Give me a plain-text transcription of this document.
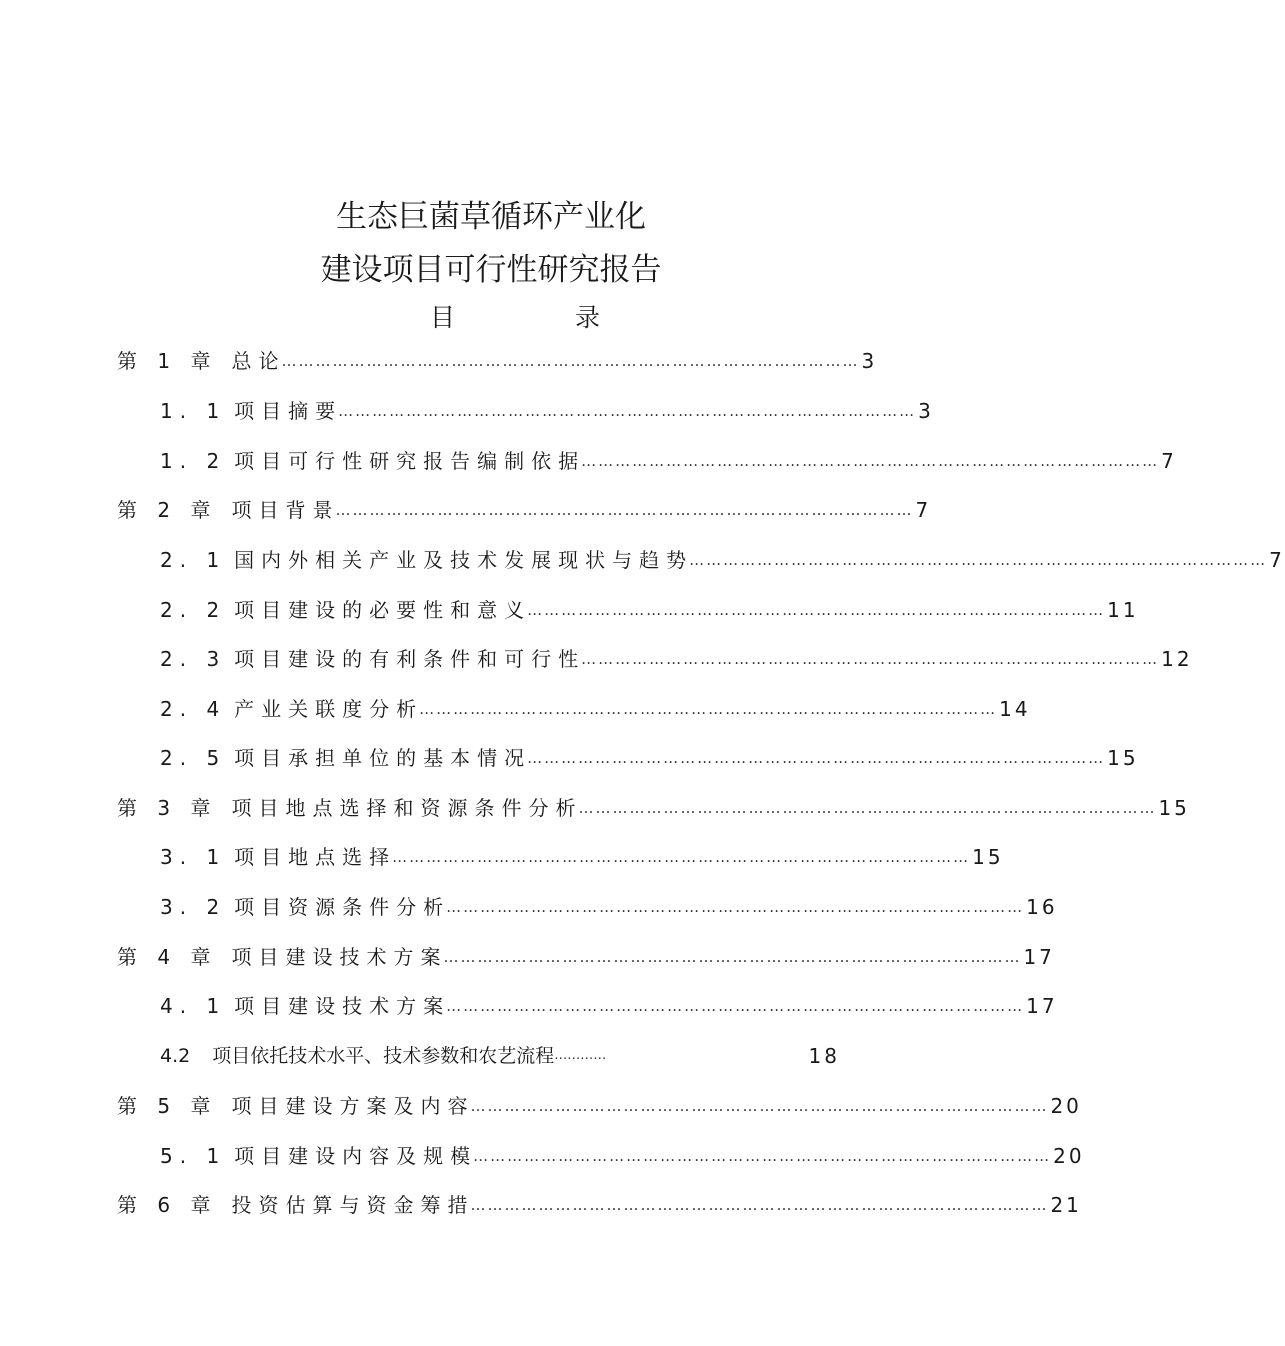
生态巨菌草循环产业化
建设项目可行性研究报告
目	录
第 1 章 总论
………………………………………………………………………………………… 3
1. 1 项目摘要
………………………………………………………………………………………… 3
1. 2 项目可行性研究报告编制依据
………………………………………………………………………………………… 7
第 2 章 项目背景
………………………………………………………………………………………… 7
2. 1 国内外相关产业及技术发展现状与趋势
………………………………………………………………………………………… 7
2. 2 项目建设的必要性和意义
………………………………………………………………………………………… 11
2. 3 项目建设的有利条件和可行性
………………………………………………………………………………………… 12
2. 4 产业关联度分析
………………………………………………………………………………………… 14
2. 5 项目承担单位的基本情况
………………………………………………………………………………………… 15
第 3 章 项目地点选择和资源条件分析
………………………………………………………………………………………… 15
3. 1 项目地点选择
………………………………………………………………………………………… 15
3. 2 项目资源条件分析
………………………………………………………………………………………… 16
第 4 章 项目建设技术方案
………………………………………………………………………………………… 17
4. 1 项目建设技术方案
………………………………………………………………………………………… 17
4.2 项目依托技术水平、技术参数和农艺流程 …………	18
第 5 章 项目建设方案及内容
………………………………………………………………………………………… 20
5. 1 项目建设内容及规模
………………………………………………………………………………………… 20
第 6 章 投资估算与资金筹措
………………………………………………………………………………………… 21
